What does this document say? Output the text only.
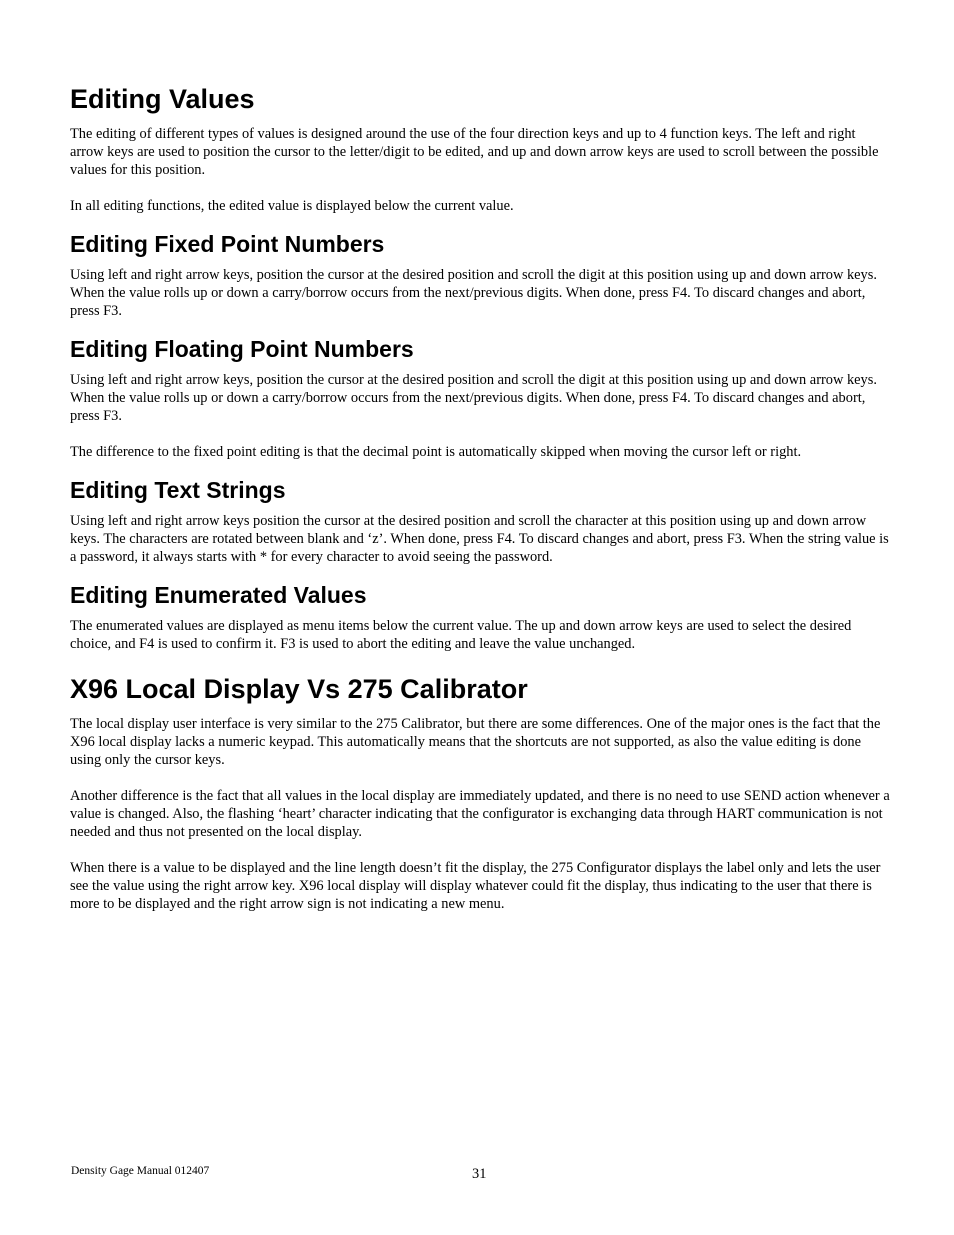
Editing Values

The editing of different types of values is designed around the use of the four direction keys and up to 4 function keys. The left and right arrow keys are used to position the cursor to the letter/digit to be edited, and up and down arrow keys are used to scroll between the possible values for this position.

In all editing functions, the edited value is displayed below the current value.

Editing Fixed Point Numbers

Using left and right arrow keys, position the cursor at the desired position and scroll the digit at this position using up and down arrow keys. When the value rolls up or down a carry/borrow occurs from the next/previous digits. When done, press F4. To discard changes and abort, press F3.

Editing Floating Point Numbers

Using left and right arrow keys, position the cursor at the desired position and scroll the digit at this position using up and down arrow keys. When the value rolls up or down a carry/borrow occurs from the next/previous digits. When done, press F4. To discard changes and abort, press F3.

The difference to the fixed point editing is that the decimal point is automatically skipped when moving the cursor left or right.

Editing Text Strings

Using left and right arrow keys position the cursor at the desired position and scroll the character at this position using up and down arrow keys. The characters are rotated between blank and ‘z’. When done, press F4. To discard changes and abort, press F3. When the string value is a password, it always starts with * for every character to avoid seeing the password.

Editing Enumerated Values

The enumerated values are displayed as menu items below the current value. The up and down arrow keys are used to select the desired choice, and F4 is used to confirm it. F3 is used to abort the editing and leave the value unchanged.

X96 Local Display Vs 275 Calibrator

The local display user interface is very similar to the 275 Calibrator, but there are some differences. One of the major ones is the fact that the X96 local display lacks a numeric keypad. This automatically means that the shortcuts are not supported, as also the value editing is done using only the cursor keys.

Another difference is the fact that all values in the local display are immediately updated, and there is no need to use SEND action whenever a value is changed. Also, the flashing ‘heart’ character indicating that the configurator is exchanging data through HART communication is not needed and thus not presented on the local display.

When there is a value to be displayed and the line length doesn’t fit the display, the 275 Configurator displays the label only and lets the user see the value using the right arrow key. X96 local display will display whatever could fit the display, thus indicating to the user that there is more to be displayed and the right arrow sign is not indicating a new menu.

Density Gage Manual 012407	31
